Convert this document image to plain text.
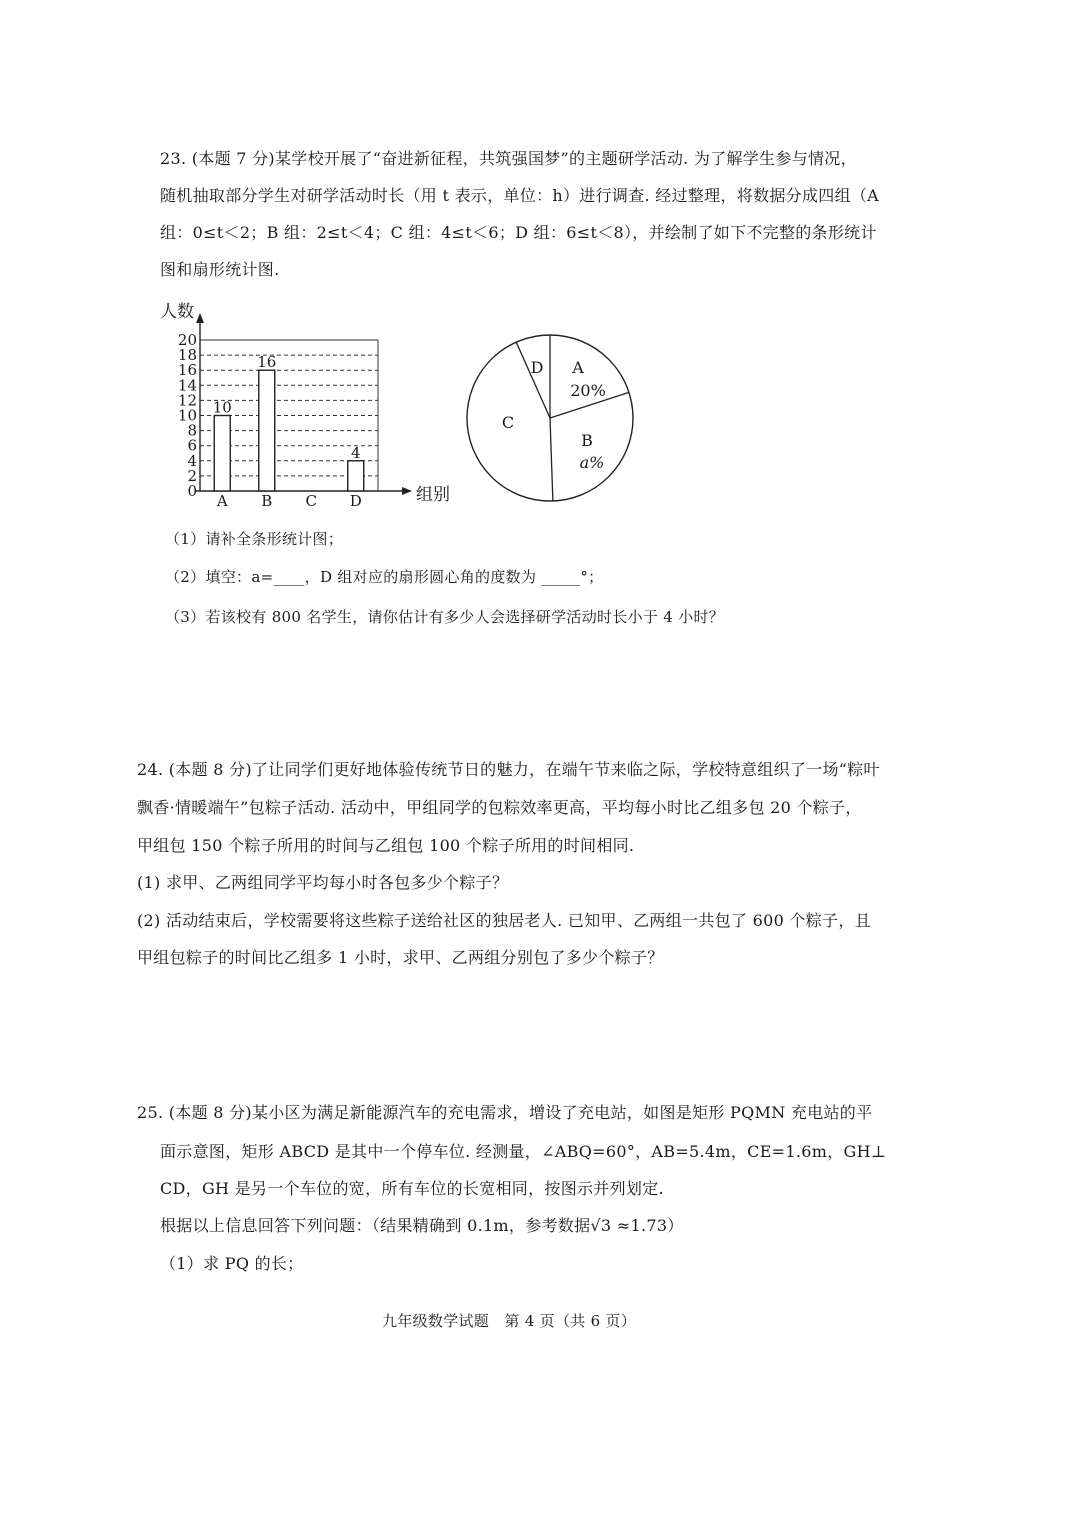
23. (本题 7 分)某学校开展了“奋进新征程，共筑强国梦”的主题研学活动. 为了解学生参与情况，
随机抽取部分学生对研学活动时长（用 t 表示，单位：h）进行调查. 经过整理，将数据分成四组（A
组：0≤t＜2；B 组：2≤t＜4；C 组：4≤t＜6；D 组：6≤t＜8），并绘制了如下不完整的条形统计
图和扇形统计图.
10
16
4
0
2
4
6
8
10
12
14
16
18
20
A B C D
人数
组别
A
20%
B
a%
C
D
（1）请补全条形统计图；
（2）填空：a=____，D 组对应的扇形圆心角的度数为 _____°；
（3）若该校有 800 名学生，请你估计有多少人会选择研学活动时长小于 4 小时？
24. (本题 8 分)了让同学们更好地体验传统节日的魅力，在端午节来临之际，学校特意组织了一场“粽叶
飘香·情暖端午”包粽子活动. 活动中，甲组同学的包粽效率更高，平均每小时比乙组多包 20 个粽子，
甲组包 150 个粽子所用的时间与乙组包 100 个粽子所用的时间相同.
(1) 求甲、乙两组同学平均每小时各包多少个粽子？
(2) 活动结束后，学校需要将这些粽子送给社区的独居老人. 已知甲、乙两组一共包了 600 个粽子，且
甲组包粽子的时间比乙组多 1 小时，求甲、乙两组分别包了多少个粽子？
25. (本题 8 分)某小区为满足新能源汽车的充电需求，增设了充电站，如图是矩形 PQMN 充电站的平
面示意图，矩形 ABCD 是其中一个停车位. 经测量，∠ABQ=60°，AB=5.4m，CE=1.6m，GH⊥
CD，GH 是另一个车位的宽，所有车位的长宽相同，按图示并列划定.
根据以上信息回答下列问题：（结果精确到 0.1m，参考数据√3 ≈1.73）
（1）求 PQ 的长；
九年级数学试题　第 4 页（共 6 页）
